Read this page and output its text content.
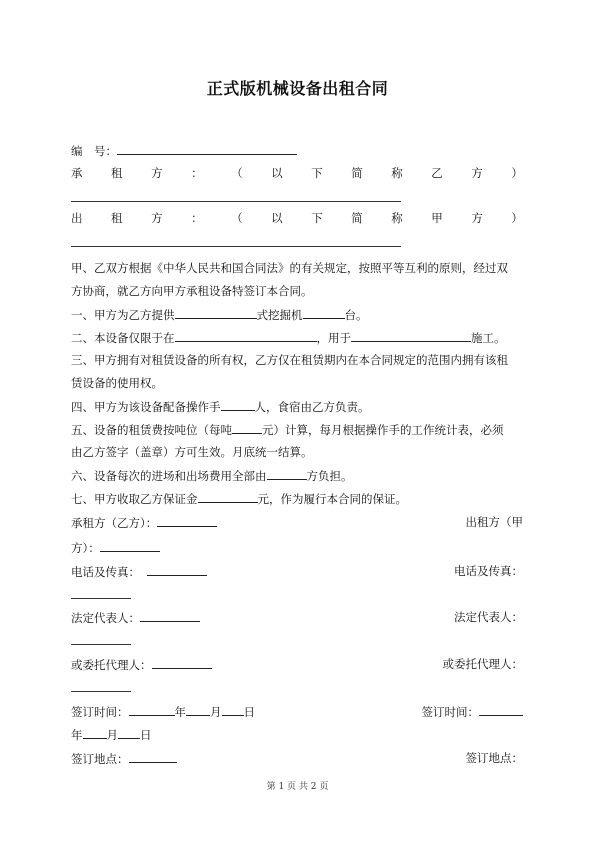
正式版机械设备出租合同
编　号：
承 租 方 ： （ 以 下 简 称 乙 方 ）
出 租 方 ： （ 以 下 简 称 甲 方 ）
甲、乙双方根据《中华人民共和国合同法》的有关规定，按照平等互利的原则，经过双
方协商，就乙方向甲方承租设备特签订本合同。
一、甲方为乙方提供	式挖掘机	台。
二、本设备仅限于在	，用于	施工。
三、甲方拥有对租赁设备的所有权，乙方仅在租赁期内在本合同规定的范围内拥有该租
赁设备的使用权。
四、甲方为该设备配备操作手	人，食宿由乙方负责。
五、设备的租赁费按吨位（每吨	元）计算，每月根据操作手的工作统计表，必须
由乙方签字（盖章）方可生效。月底统一结算。
六、设备每次的进场和出场费用全部由	方负担。
七、甲方收取乙方保证金	元，作为履行本合同的保证。
承租方（乙方）：	出租方（甲
方）：
电话及传真：	电话及传真：
法定代表人：	法定代表人：
或委托代理人：	或委托代理人：
签订时间：	年 月 日	签订时间：
年 月 日
签订地点：	签订地点：
第 1 页 共 2 页
